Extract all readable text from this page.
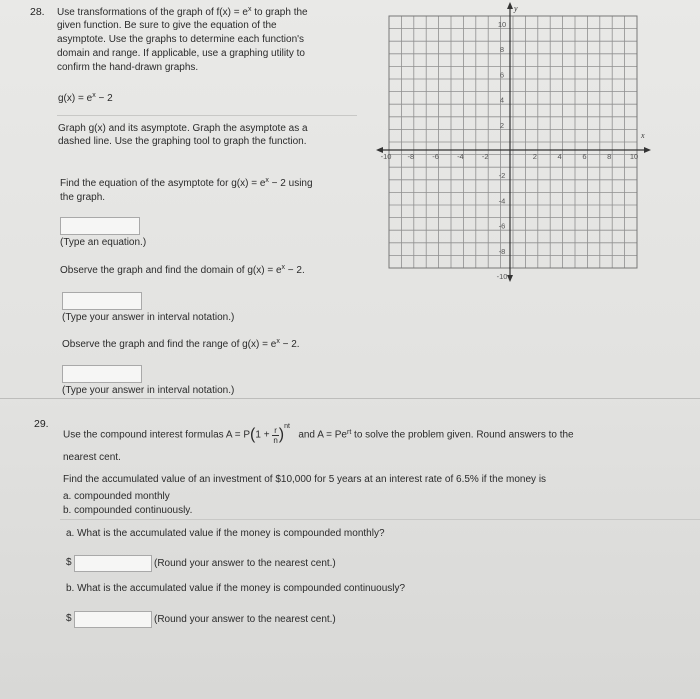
28. Use transformations of the graph of $f(x) = e^x$ to graph the
given function. Be sure to give the equation of the
asymptote. Use the graphs to determine each function's
domain and range. If applicable, use a graphing utility to
confirm the hand-drawn graphs.
$g(x) = e^x - 2$
Graph g(x) and its asymptote. Graph the asymptote as a
dashed line. Use the graphing tool to graph the function.
Find the equation of the asymptote for $g(x) = e^x - 2$ using
the graph.
(Type an equation.)
Observe the graph and find the domain of $g(x) = e^x - 2$.
(Type your answer in interval notation.)
Observe the graph and find the range of $g(x) = e^x - 2$.
(Type your answer in interval notation.)
y
x
10
8
6
4
2
-2
-4
-6
-8
-10
-10 -8 -6 -4 -2	2	4	6	8 10
29.
Use the compound interest formulas $A = P(1 + \frac{r}{n})^{nt}$   and $A = Pe^{rt}$ to solve the problem given. Round answers to the
nearest cent.
Find the accumulated value of an investment of $10,000 for 5 years at an interest rate of 6.5% if the money is
a. compounded monthly
b. compounded continuously.
a. What is the accumulated value if the money is compounded monthly?
$	(Round your answer to the nearest cent.)
b. What is the accumulated value if the money is compounded continuously?
$	(Round your answer to the nearest cent.)
